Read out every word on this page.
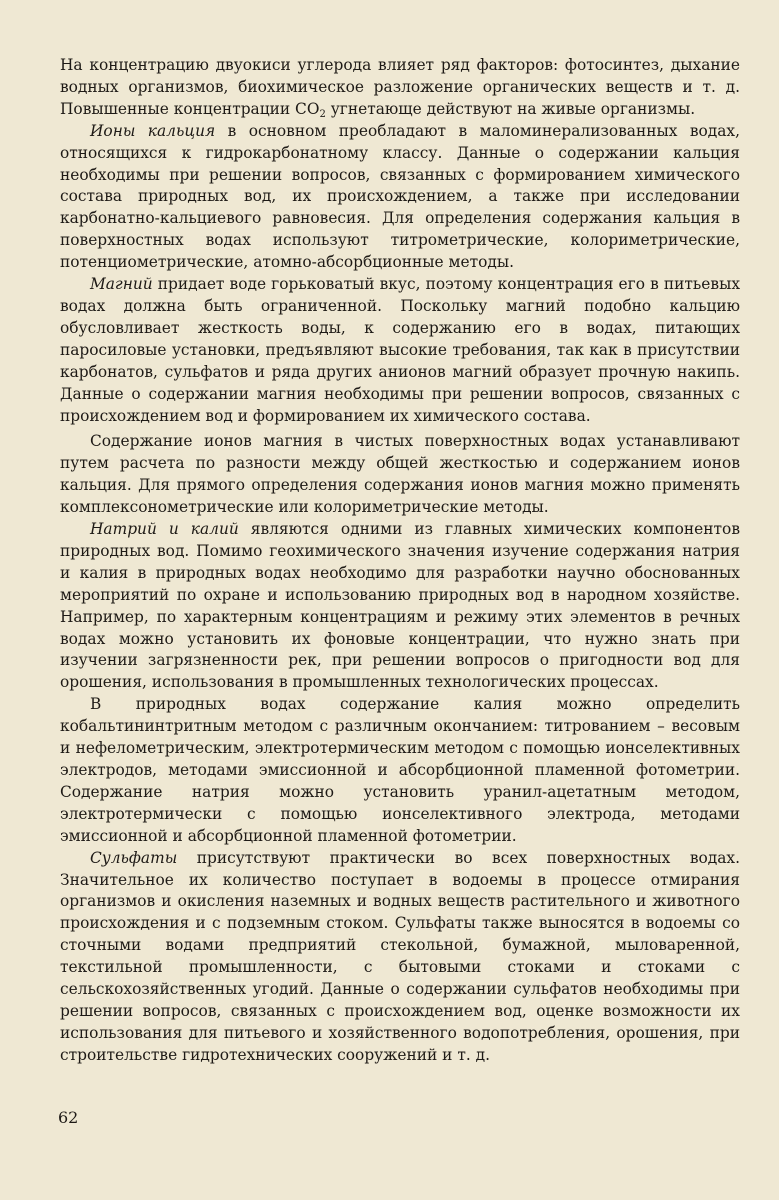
На концентрацию двуокиси углерода влияет ряд факторов: фотосинтез, дыхание водных организмов, биохимическое разложение органических веществ и т. д. Повышенные концентрации $CO_2$ угнетающе действуют на живые организмы.

Ионы кальция в основном преобладают в маломинерализованных водах, относящихся к гидрокарбонатному классу. Данные о содержании кальция необходимы при решении вопросов, связанных с формированием химического состава природных вод, их происхождением, а также при исследовании карбонатно-кальциевого равновесия. Для определения содержания кальция в поверхностных водах используют титрометрические, колориметрические, потенциометрические, атомно-абсорбционные методы.

Магний придает воде горьковатый вкус, поэтому концентрация его в питьевых водах должна быть ограниченной. Поскольку магний подобно кальцию обусловливает жесткость воды, к содержанию его в водах, питающих паросиловые установки, предъявляют высокие требования, так как в присутствии карбонатов, сульфатов и ряда других анионов магний образует прочную накипь. Данные о содержании магния необходимы при решении вопросов, связанных с происхождением вод и формированием их химического состава.

Содержание ионов магния в чистых поверхностных водах устанавливают путем расчета по разности между общей жесткостью и содержанием ионов кальция. Для прямого определения содержания ионов магния можно применять комплексонометрические или колориметрические методы.

Натрий и калий являются одними из главных химических компонентов природных вод. Помимо геохимического значения изучение содержания натрия и калия в природных водах необходимо для разработки научно обоснованных мероприятий по охране и использованию природных вод в народном хозяйстве. Например, по характерным концентрациям и режиму этих элементов в речных водах можно установить их фоновые концентрации, что нужно знать при изучении загрязненности рек, при решении вопросов о пригодности вод для орошения, использования в промышленных технологических процессах.

В природных водах содержание калия можно определить кобальтининтритным методом с различным окончанием: титрованием – весовым и нефелометрическим, электротермическим методом с помощью ионселективных электродов, методами эмиссионной и абсорбционной пламенной фотометрии. Содержание натрия можно установить уранил-ацетатным методом, электротермически с помощью ионселективного электрода, методами эмиссионной и абсорбционной пламенной фотометрии.

Сульфаты присутствуют практически во всех поверхностных водах. Значительное их количество поступает в водоемы в процессе отмирания организмов и окисления наземных и водных веществ растительного и животного происхождения и с подземным стоком. Сульфаты также выносятся в водоемы со сточными водами предприятий стекольной, бумажной, мыловаренной, текстильной промышленности, с бытовыми стоками и стоками с сельскохозяйственных угодий. Данные о содержании сульфатов необходимы при решении вопросов, связанных с происхождением вод, оценке возможности их использования для питьевого и хозяйственного водопотребления, орошения, при строительстве гидротехнических сооружений и т. д.

62
